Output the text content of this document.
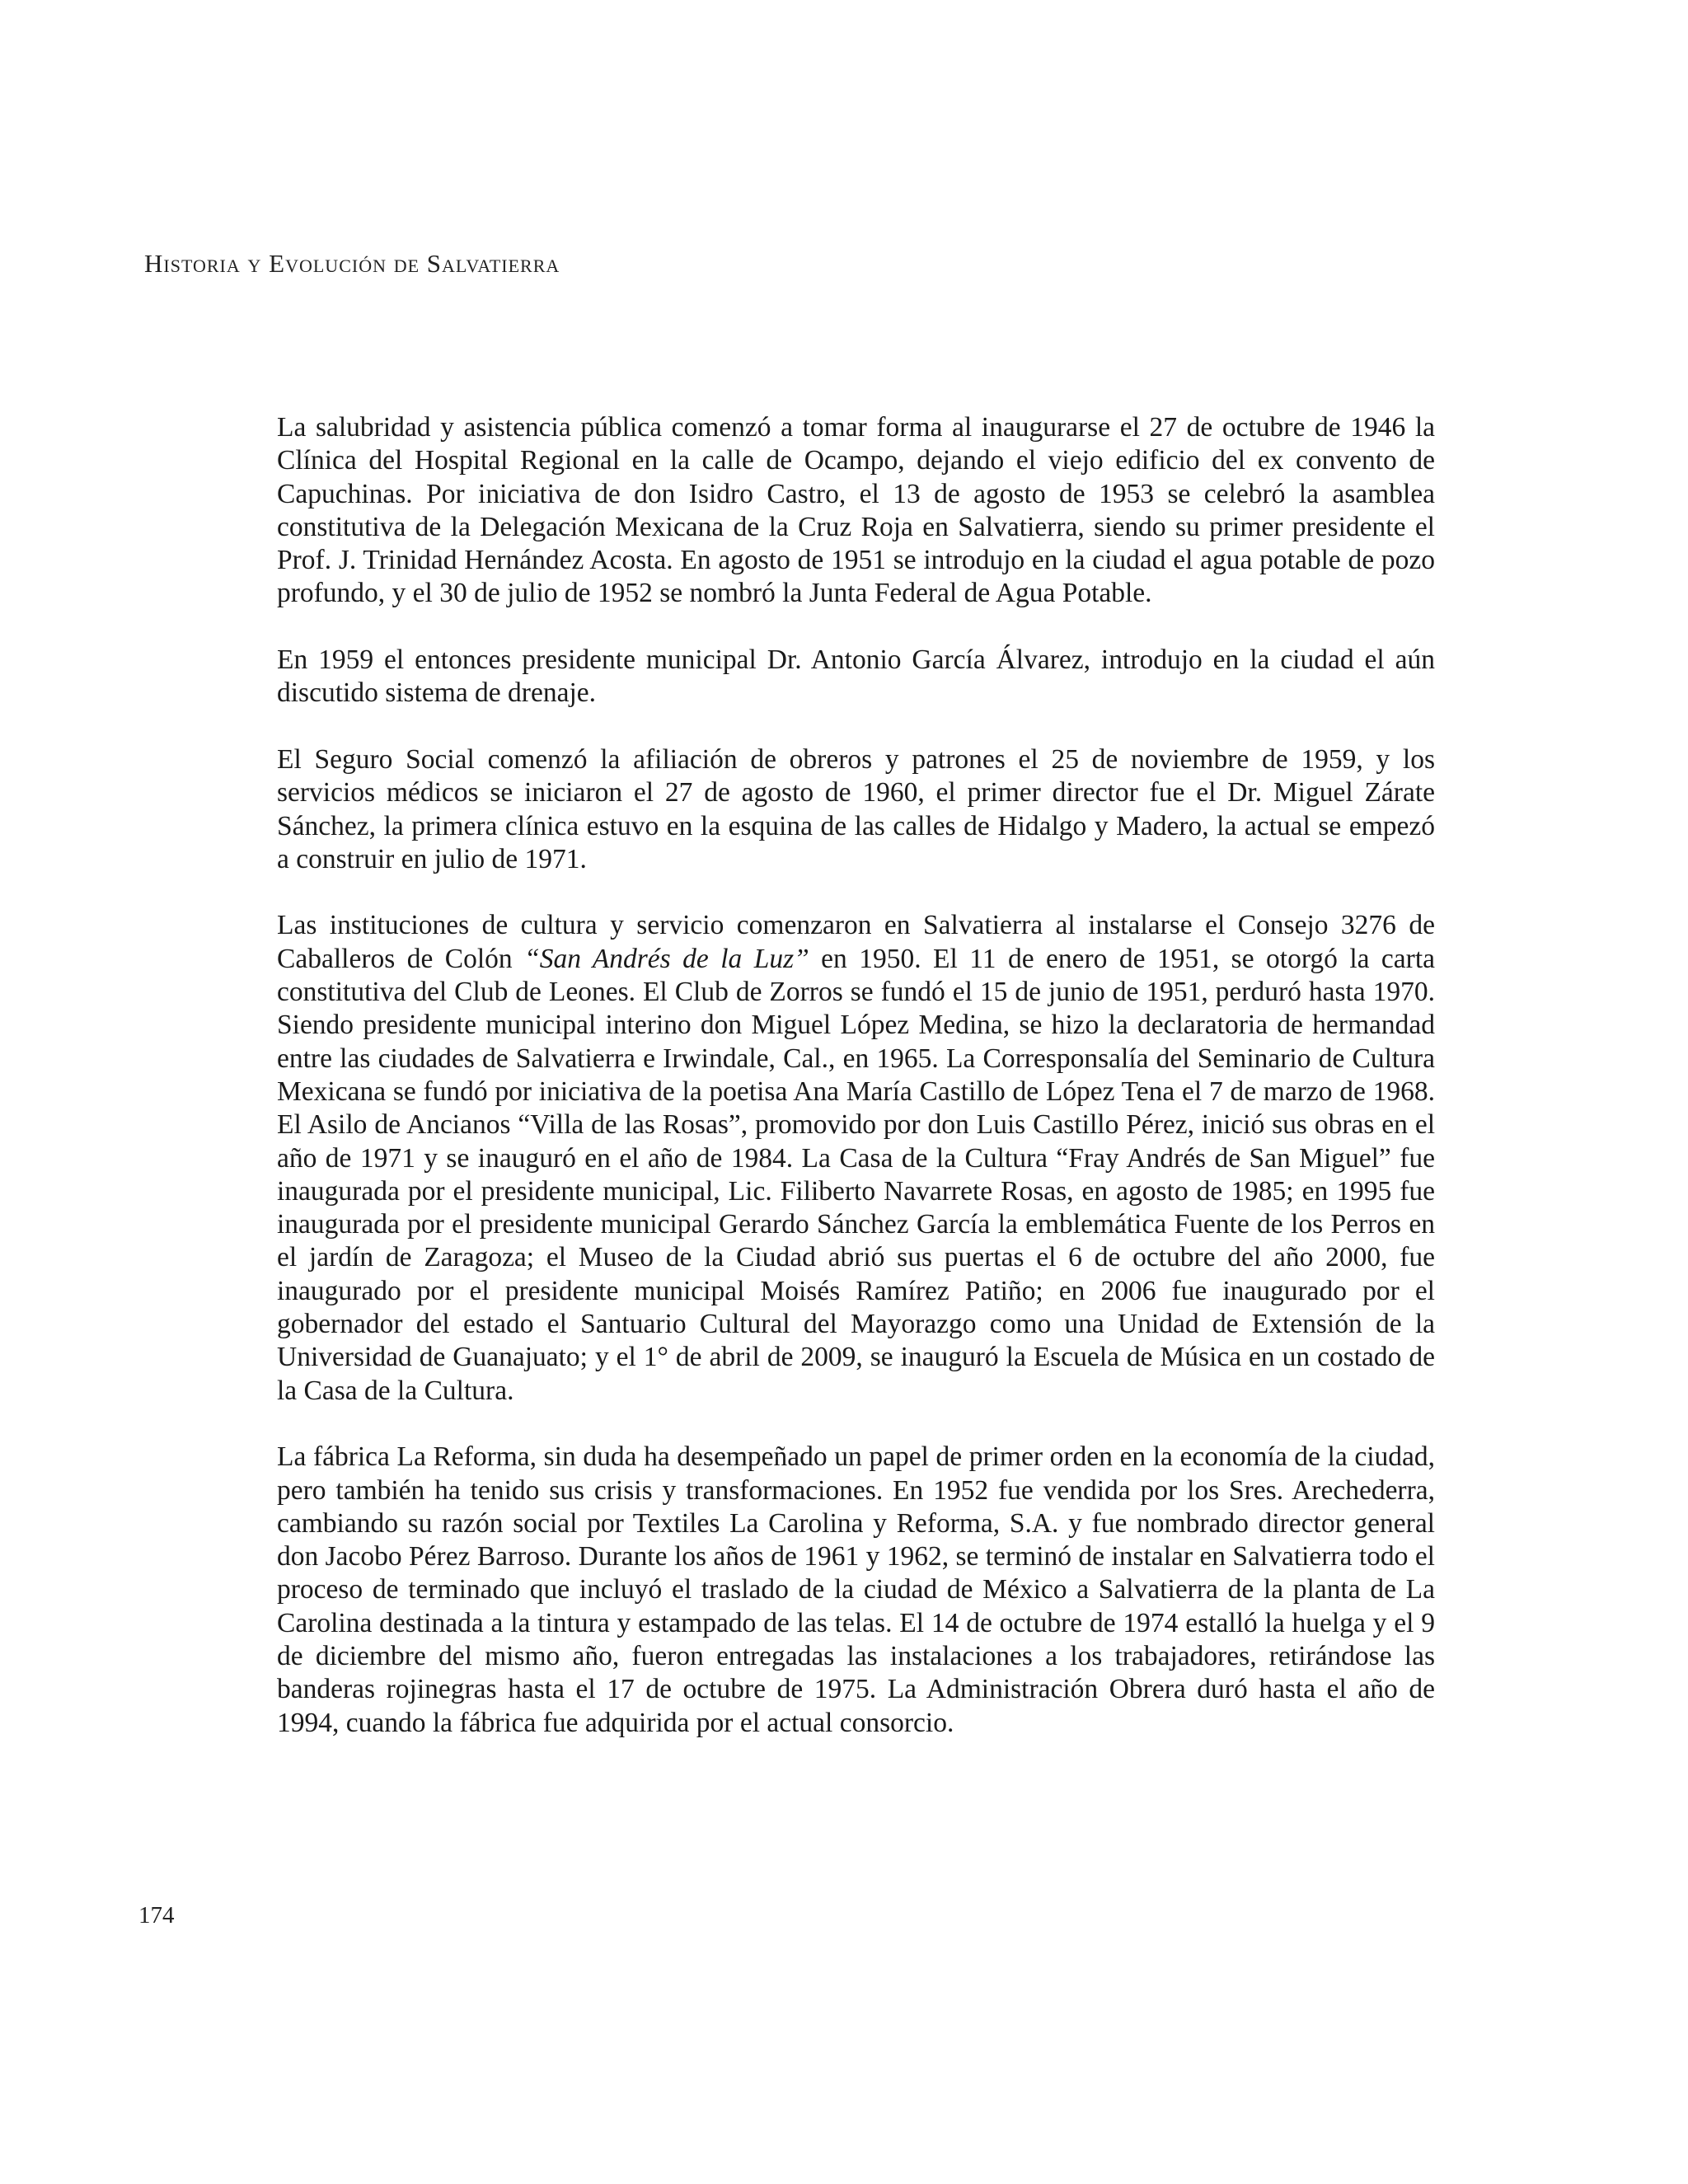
Historia y Evolución de Salvatierra

La salubridad y asistencia pública comenzó a tomar forma al inaugurarse el 27 de octubre de 1946 la Clínica del Hospital Regional en la calle de Ocampo, dejando el viejo edificio del ex convento de Capuchinas. Por iniciativa de don Isidro Castro, el 13 de agosto de 1953 se celebró la asamblea constitutiva de la Delegación Mexicana de la Cruz Roja en Salvatierra, siendo su primer presidente el Prof. J. Trinidad Hernández Acosta. En agosto de 1951 se introdujo en la ciudad el agua potable de pozo profundo, y el 30 de julio de 1952 se nombró la Junta Federal de Agua Potable.

En 1959 el entonces presidente municipal Dr. Antonio García Álvarez, introdujo en la ciudad el aún discutido sistema de drenaje.

El Seguro Social comenzó la afiliación de obreros y patrones el 25 de noviembre de 1959, y los servicios médicos se iniciaron el 27 de agosto de 1960, el primer director fue el Dr. Miguel Zárate Sánchez, la primera clínica estuvo en la esquina de las calles de Hidalgo y Madero, la actual se empezó a construir en julio de 1971.

Las instituciones de cultura y servicio comenzaron en Salvatierra al instalarse el Consejo 3276 de Caballeros de Colón “San Andrés de la Luz” en 1950. El 11 de enero de 1951, se otorgó la carta constitutiva del Club de Leones. El Club de Zorros se fundó el 15 de junio de 1951, perduró hasta 1970. Siendo presidente municipal interino don Miguel López Medina, se hizo la declaratoria de hermandad entre las ciudades de Salvatierra e Irwindale, Cal., en 1965. La Corresponsalía del Seminario de Cultura Mexicana se fundó por iniciativa de la poetisa Ana María Castillo de López Tena el 7 de marzo de 1968. El Asilo de Ancianos “Villa de las Rosas”, promovido por don Luis Castillo Pérez, inició sus obras en el año de 1971 y se inauguró en el año de 1984. La Casa de la Cultura “Fray Andrés de San Miguel” fue inaugurada por el presidente municipal, Lic. Filiberto Navarrete Rosas, en agosto de 1985; en 1995 fue inaugurada por el presidente municipal Gerardo Sánchez García la emblemática Fuente de los Perros en el jardín de Zaragoza; el Museo de la Ciudad abrió sus puertas el 6 de octubre del año 2000, fue inaugurado por el presidente municipal Moisés Ramírez Patiño; en 2006 fue inaugurado por el gobernador del estado el Santuario Cultural del Mayorazgo como una Unidad de Extensión de la Universidad de Guanajuato; y el 1° de abril de 2009, se inauguró la Escuela de Música en un costado de la Casa de la Cultura.

La fábrica La Reforma, sin duda ha desempeñado un papel de primer orden en la economía de la ciudad, pero también ha tenido sus crisis y transformaciones. En 1952 fue vendida por los Sres. Arechederra, cambiando su razón social por Textiles La Carolina y Reforma, S.A. y fue nombrado director general don Jacobo Pérez Barroso. Durante los años de 1961 y 1962, se terminó de instalar en Salvatierra todo el proceso de terminado que incluyó el traslado de la ciudad de México a Salvatierra de la planta de La Carolina destinada a la tintura y estampado de las telas. El 14 de octubre de 1974 estalló la huelga y el 9 de diciembre del mismo año, fueron entregadas las instalaciones a los trabajadores, retirándose las banderas rojinegras hasta el 17 de octubre de 1975. La Administración Obrera duró hasta el año de 1994, cuando la fábrica fue adquirida por el actual consorcio.

174
